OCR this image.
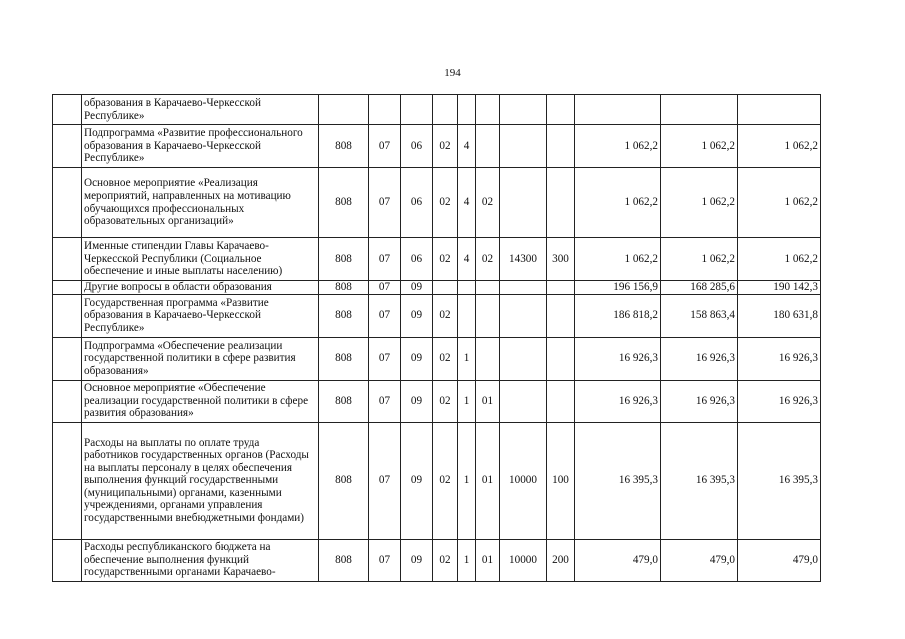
194
	образования в Карачаево-Черкесской Республике»											
	Подпрограмма «Развитие профессионального образования в Карачаево-Черкесской Республике»	808	07	06	02	4				1 062,2	1 062,2	1 062,2
	Основное мероприятие «Реализация мероприятий, направленных на мотивацию обучающихся профессиональных образовательных организаций»	808	07	06	02	4	02			1 062,2	1 062,2	1 062,2
	Именные стипендии Главы Карачаево-Черкесской Республики (Социальное обеспечение и иные выплаты населению)	808	07	06	02	4	02	14300	300	1 062,2	1 062,2	1 062,2
	Другие вопросы в области образования	808	07	09						196 156,9	168 285,6	190 142,3
	Государственная программа «Развитие образования в Карачаево-Черкесской Республике»	808	07	09	02					186 818,2	158 863,4	180 631,8
	Подпрограмма «Обеспечение реализации государственной политики в сфере развития образования»	808	07	09	02	1				16 926,3	16 926,3	16 926,3
	Основное мероприятие «Обеспечение реализации государственной политики в сфере развития образования»	808	07	09	02	1	01			16 926,3	16 926,3	16 926,3
	Расходы на выплаты по оплате труда работников государственных органов (Расходы на выплаты персоналу в целях обеспечения выполнения функций государственными (муниципальными) органами, казенными учреждениями, органами управления государственными внебюджетными фондами)	808	07	09	02	1	01	10000	100	16 395,3	16 395,3	16 395,3
	Расходы республиканского бюджета на обеспечение выполнения функций государственными органами Карачаево-	808	07	09	02	1	01	10000	200	479,0	479,0	479,0
